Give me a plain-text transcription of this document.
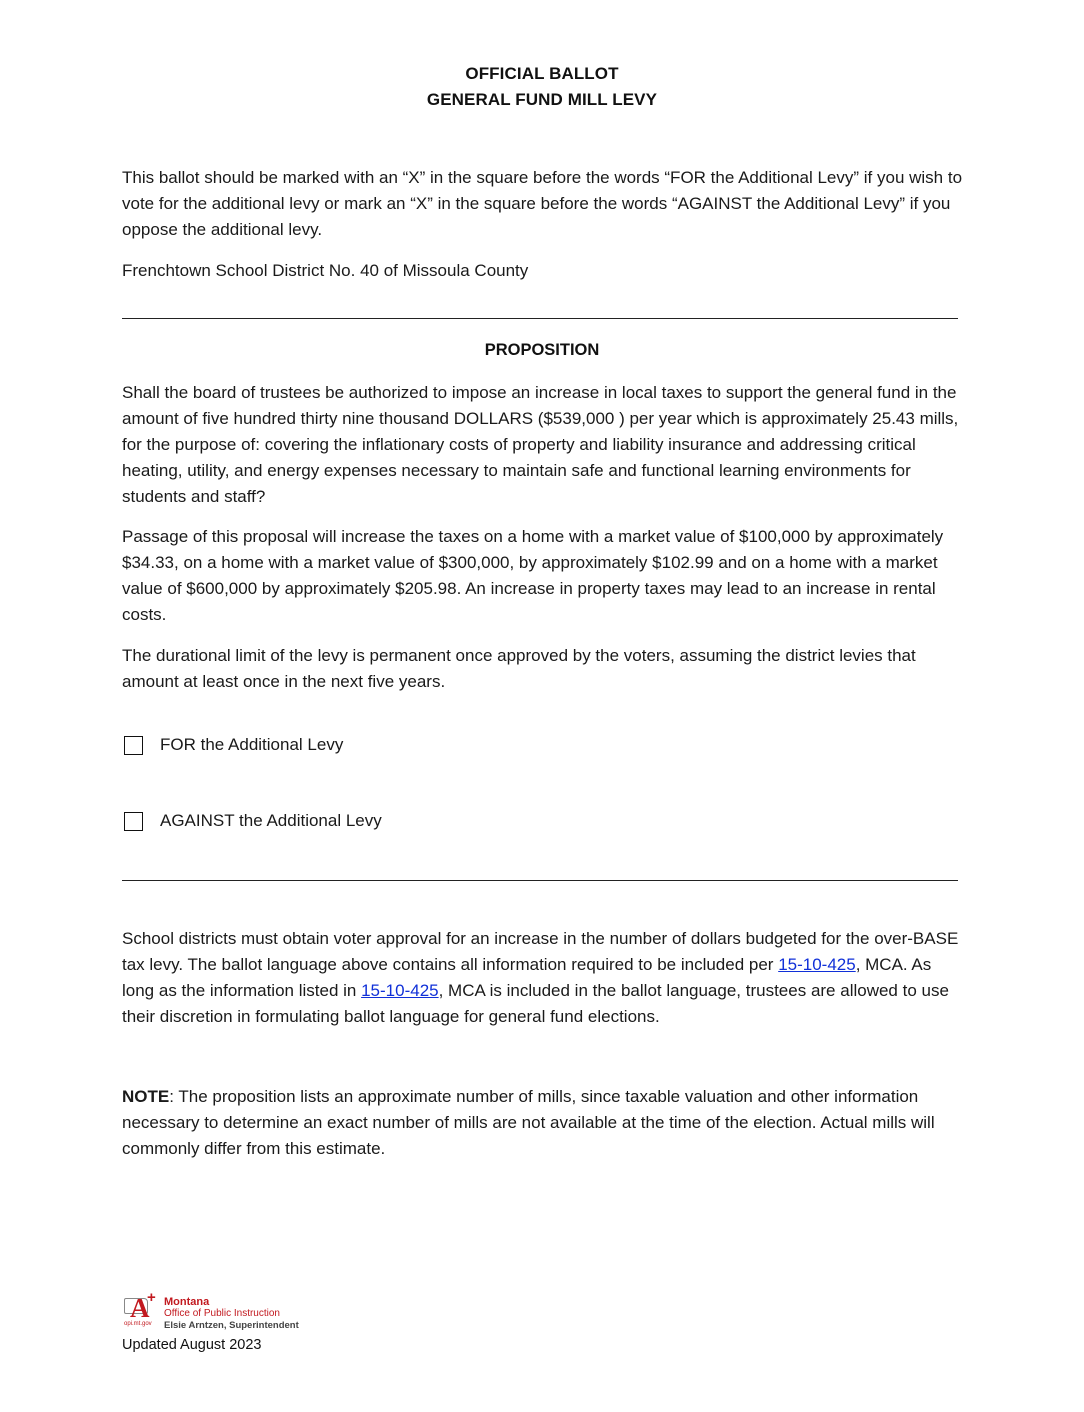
OFFICIAL BALLOT
GENERAL FUND MILL LEVY
This ballot should be marked with an “X” in the square before the words “FOR the Additional Levy” if you wish to vote for the additional levy or mark an “X” in the square before the words “AGAINST the Additional Levy” if you oppose the additional levy.
Frenchtown School District No. 40 of Missoula County
PROPOSITION
Shall the board of trustees be authorized to impose an increase in local taxes to support the general fund in the amount of five hundred thirty nine thousand DOLLARS ($539,000 ) per year which is approximately 25.43 mills, for the purpose of: covering the inflationary costs of property and liability insurance and addressing critical heating, utility, and energy expenses necessary to maintain safe and functional learning environments for students and staff?
Passage of this proposal will increase the taxes on a home with a market value of $100,000 by approximately $34.33, on a home with a market value of $300,000, by approximately $102.99 and on a home with a market value of $600,000 by approximately $205.98. An increase in property taxes may lead to an increase in rental costs.
The durational limit of the levy is permanent once approved by the voters, assuming the district levies that amount at least once in the next five years.
FOR the Additional Levy
AGAINST the Additional Levy
School districts must obtain voter approval for an increase in the number of dollars budgeted for the over-BASE tax levy. The ballot language above contains all information required to be included per 15-10-425, MCA. As long as the information listed in 15-10-425, MCA is included in the ballot language, trustees are allowed to use their discretion in formulating ballot language for general fund elections.
NOTE: The proposition lists an approximate number of mills, since taxable valuation and other information necessary to determine an exact number of mills are not available at the time of the election. Actual mills will commonly differ from this estimate.
A
+ Montana
Office of Public Instruction
opi.mt.gov Elsie Arntzen, Superintendent
Updated August 2023
